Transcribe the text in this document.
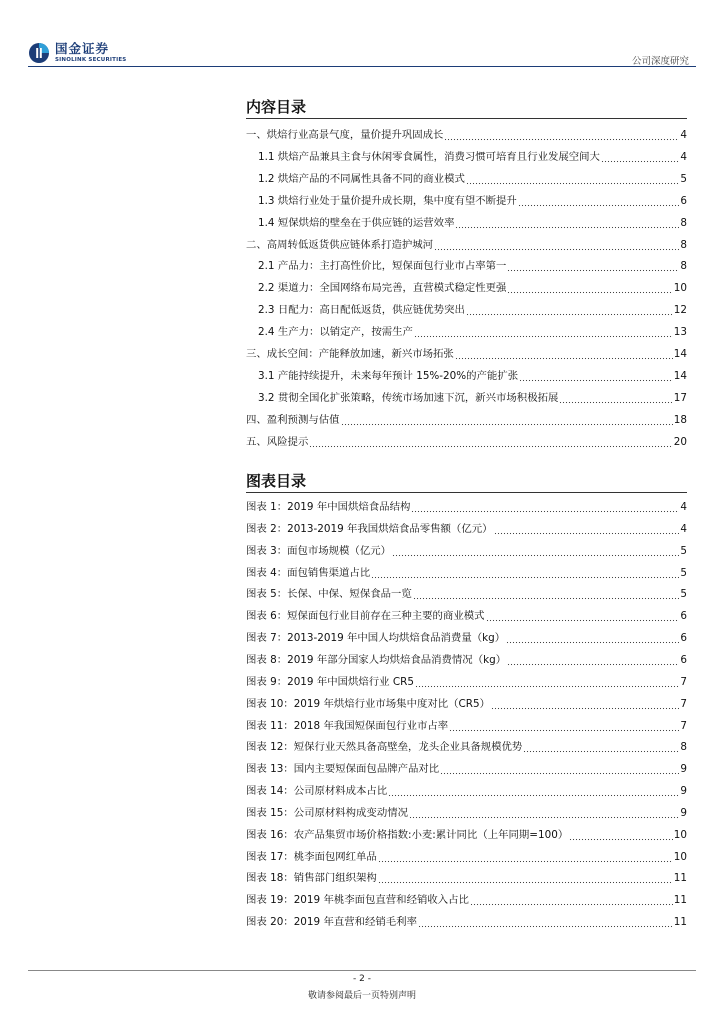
国金证券
SINOLINK SECURITIES	公司深度研究
内容目录
一、烘焙行业高景气度，量价提升巩固成长	4
1.1 烘焙产品兼具主食与休闲零食属性，消费习惯可培育且行业发展空间大	4
1.2 烘焙产品的不同属性具备不同的商业模式	5
1.3 烘焙行业处于量价提升成长期，集中度有望不断提升	6
1.4 短保烘焙的壁垒在于供应链的运营效率	8
二、高周转低返货供应链体系打造护城河	8
2.1 产品力：主打高性价比，短保面包行业市占率第一	8
2.2 渠道力：全国网络布局完善，直营模式稳定性更强	10
2.3 日配力：高日配低返货，供应链优势突出	12
2.4 生产力：以销定产，按需生产	13
三、成长空间：产能释放加速，新兴市场拓张	14
3.1 产能持续提升，未来每年预计 15%-20%的产能扩张	14
3.2 贯彻全国化扩张策略，传统市场加速下沉，新兴市场积极拓展	17
四、盈利预测与估值	18
五、风险提示	20
图表目录
图表 1：2019 年中国烘焙食品结构	4
图表 2：2013-2019 年我国烘焙食品零售额（亿元）	4
图表 3：面包市场规模（亿元）	5
图表 4：面包销售渠道占比	5
图表 5：长保、中保、短保食品一览	5
图表 6：短保面包行业目前存在三种主要的商业模式	6
图表 7：2013-2019 年中国人均烘焙食品消费量（kg）	6
图表 8：2019 年部分国家人均烘焙食品消费情况（kg）	6
图表 9：2019 年中国烘焙行业 CR5	7
图表 10：2019 年烘焙行业市场集中度对比（CR5）	7
图表 11：2018 年我国短保面包行业市占率	7
图表 12：短保行业天然具备高壁垒，龙头企业具备规模优势	8
图表 13：国内主要短保面包品牌产品对比	9
图表 14：公司原材料成本占比	9
图表 15：公司原材料构成变动情况	9
图表 16：农产品集贸市场价格指数:小麦:累计同比（上年同期=100）	10
图表 17：桃李面包网红单品	10
图表 18：销售部门组织架构	11
图表 19：2019 年桃李面包直营和经销收入占比	11
图表 20：2019 年直营和经销毛利率	11
- 2 -
敬请参阅最后一页特别声明
